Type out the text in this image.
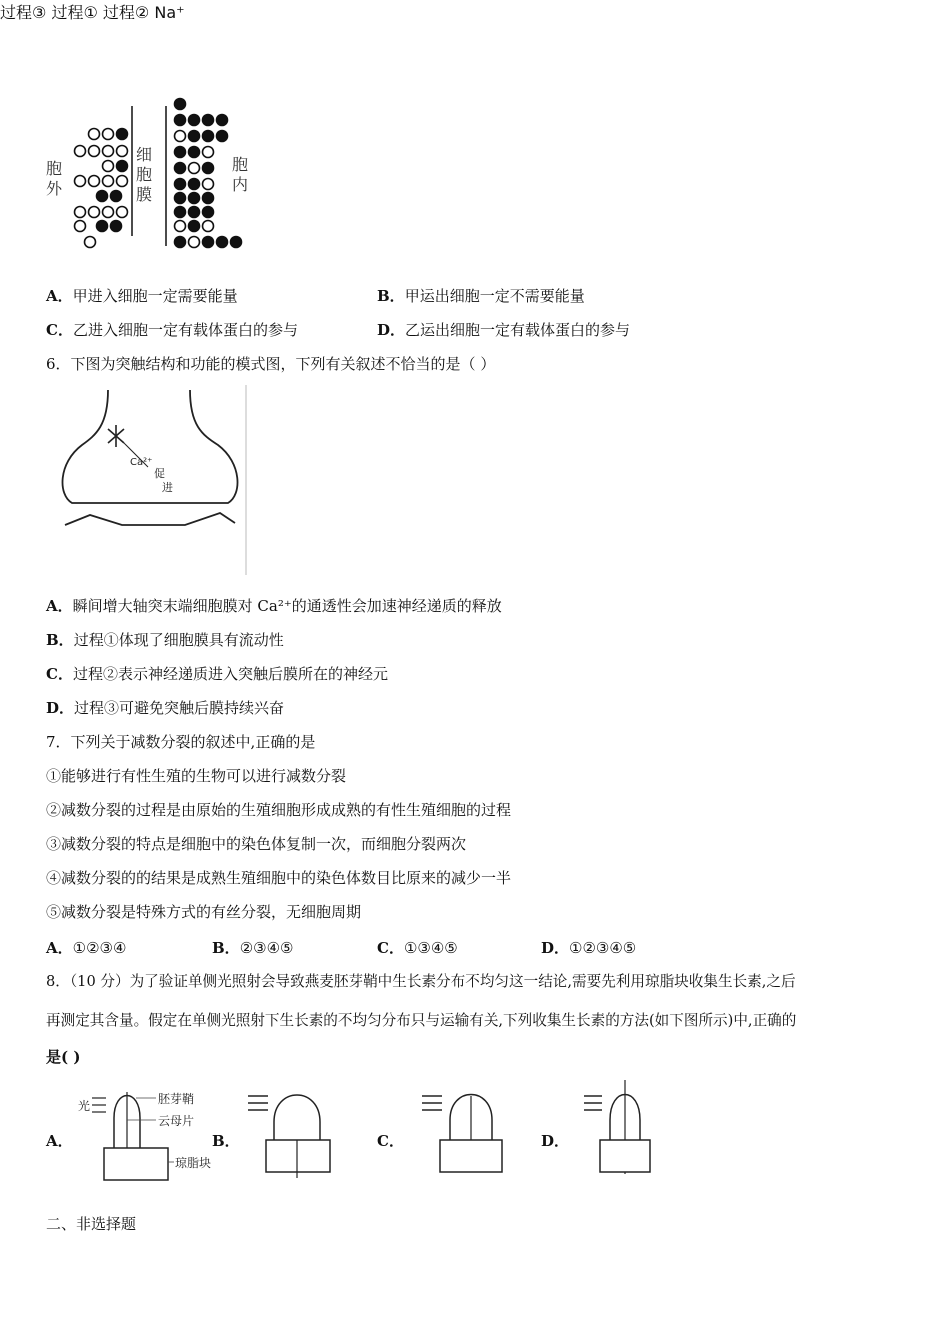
胞
外
细
胞
膜
胞
内
A．甲进入细胞一定需要能量	B．甲运出细胞一定不需要能量
C．乙进入细胞一定有载体蛋白的参与	D．乙运出细胞一定有载体蛋白的参与
6．下图为突触结构和功能的模式图，下列有关叙述不恰当的是（ ）
Ca²⁺
促
进
过程③ 过程① 过程② Na⁺
A．瞬间增大轴突末端细胞膜对 Ca²⁺的通透性会加速神经递质的释放
B．过程①体现了细胞膜具有流动性
C．过程②表示神经递质进入突触后膜所在的神经元
D．过程③可避免突触后膜持续兴奋
7．下列关于减数分裂的叙述中,正确的是
①能够进行有性生殖的生物可以进行减数分裂
②减数分裂的过程是由原始的生殖细胞形成成熟的有性生殖细胞的过程
③减数分裂的特点是细胞中的染色体复制一次，而细胞分裂两次
④减数分裂的的结果是成熟生殖细胞中的染色体数目比原来的减少一半
⑤减数分裂是特殊方式的有丝分裂，无细胞周期
A．①②③④	B．②③④⑤	C．①③④⑤	D．①②③④⑤
8．（10 分）为了验证单侧光照射会导致燕麦胚芽鞘中生长素分布不均匀这一结论,需要先利用琼脂块收集生长素,之后
再测定其含量。假定在单侧光照射下生长素的不均匀分布只与运输有关,下列收集生长素的方法(如下图所示)中,正确的
是( )
A．
光	胚芽鞘
云母片
琼脂块
B．	C．	D．
二、非选择题
